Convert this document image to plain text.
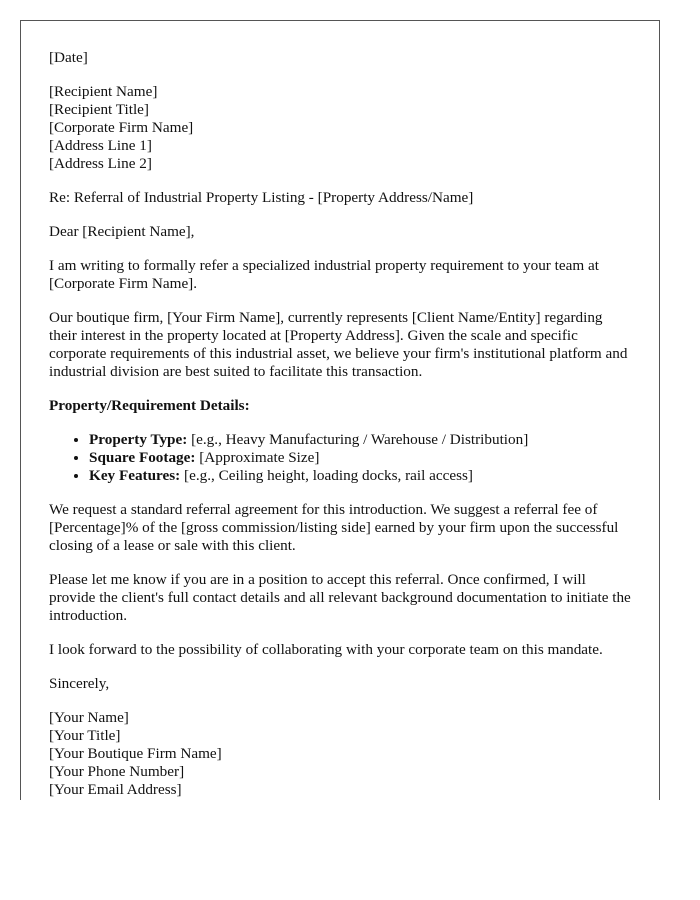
[Date]

[Recipient Name]
[Recipient Title]
[Corporate Firm Name]
[Address Line 1]
[Address Line 2]

Re: Referral of Industrial Property Listing - [Property Address/Name]

Dear [Recipient Name],

I am writing to formally refer a specialized industrial property requirement to your team at [Corporate Firm Name].

Our boutique firm, [Your Firm Name], currently represents [Client Name/Entity] regarding their interest in the property located at [Property Address]. Given the scale and specific corporate requirements of this industrial asset, we believe your firm's institutional platform and industrial division are best suited to facilitate this transaction.

Property/Requirement Details:

• Property Type: [e.g., Heavy Manufacturing / Warehouse / Distribution]
• Square Footage: [Approximate Size]
• Key Features: [e.g., Ceiling height, loading docks, rail access]

We request a standard referral agreement for this introduction. We suggest a referral fee of [Percentage]% of the [gross commission/listing side] earned by your firm upon the successful closing of a lease or sale with this client.

Please let me know if you are in a position to accept this referral. Once confirmed, I will provide the client's full contact details and all relevant background documentation to initiate the introduction.

I look forward to the possibility of collaborating with your corporate team on this mandate.

Sincerely,

[Your Name]
[Your Title]
[Your Boutique Firm Name]
[Your Phone Number]
[Your Email Address]
